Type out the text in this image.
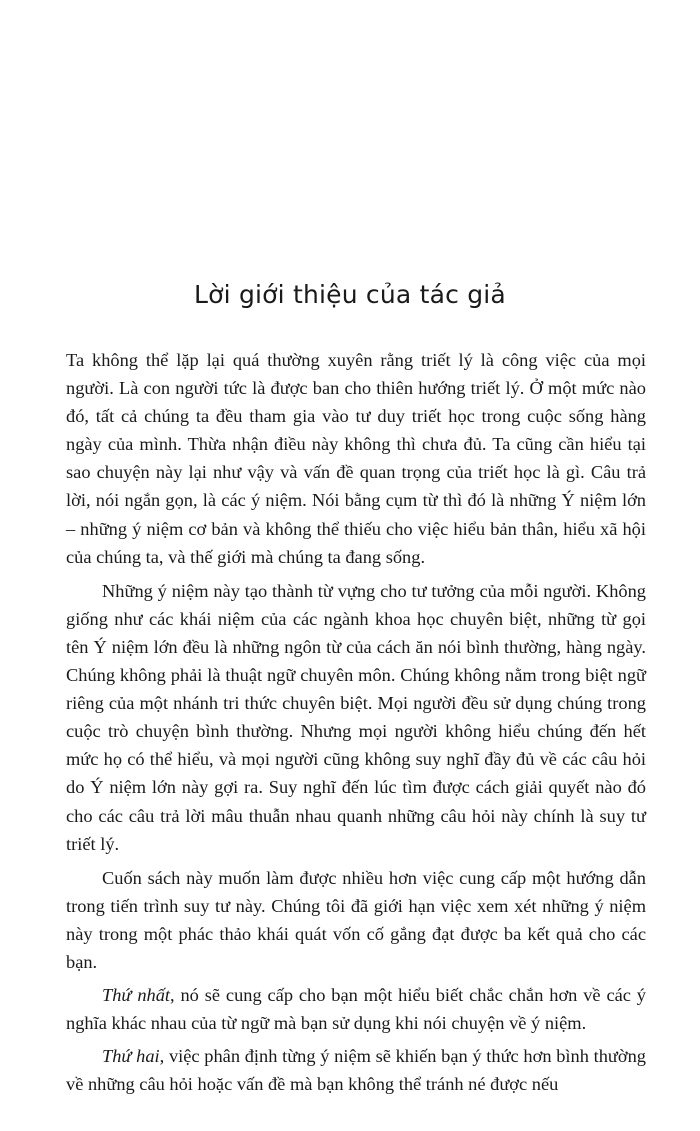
Lời giới thiệu của tác giả

Ta không thể lặp lại quá thường xuyên rằng triết lý là công việc của mọi người. Là con người tức là được ban cho thiên hướng triết lý. Ở một mức nào đó, tất cả chúng ta đều tham gia vào tư duy triết học trong cuộc sống hàng ngày của mình. Thừa nhận điều này không thì chưa đủ. Ta cũng cần hiểu tại sao chuyện này lại như vậy và vấn đề quan trọng của triết học là gì. Câu trả lời, nói ngắn gọn, là các ý niệm. Nói bằng cụm từ thì đó là những Ý niệm lớn – những ý niệm cơ bản và không thể thiếu cho việc hiểu bản thân, hiểu xã hội của chúng ta, và thế giới mà chúng ta đang sống.

Những ý niệm này tạo thành từ vựng cho tư tưởng của mỗi người. Không giống như các khái niệm của các ngành khoa học chuyên biệt, những từ gọi tên Ý niệm lớn đều là những ngôn từ của cách ăn nói bình thường, hàng ngày. Chúng không phải là thuật ngữ chuyên môn. Chúng không nằm trong biệt ngữ riêng của một nhánh tri thức chuyên biệt. Mọi người đều sử dụng chúng trong cuộc trò chuyện bình thường. Nhưng mọi người không hiểu chúng đến hết mức họ có thể hiểu, và mọi người cũng không suy nghĩ đầy đủ về các câu hỏi do Ý niệm lớn này gợi ra. Suy nghĩ đến lúc tìm được cách giải quyết nào đó cho các câu trả lời mâu thuẫn nhau quanh những câu hỏi này chính là suy tư triết lý.

Cuốn sách này muốn làm được nhiều hơn việc cung cấp một hướng dẫn trong tiến trình suy tư này. Chúng tôi đã giới hạn việc xem xét những ý niệm này trong một phác thảo khái quát vốn cố gắng đạt được ba kết quả cho các bạn.

Thứ nhất, nó sẽ cung cấp cho bạn một hiểu biết chắc chắn hơn về các ý nghĩa khác nhau của từ ngữ mà bạn sử dụng khi nói chuyện về ý niệm.

Thứ hai, việc phân định từng ý niệm sẽ khiến bạn ý thức hơn bình thường về những câu hỏi hoặc vấn đề mà bạn không thể tránh né được nếu
